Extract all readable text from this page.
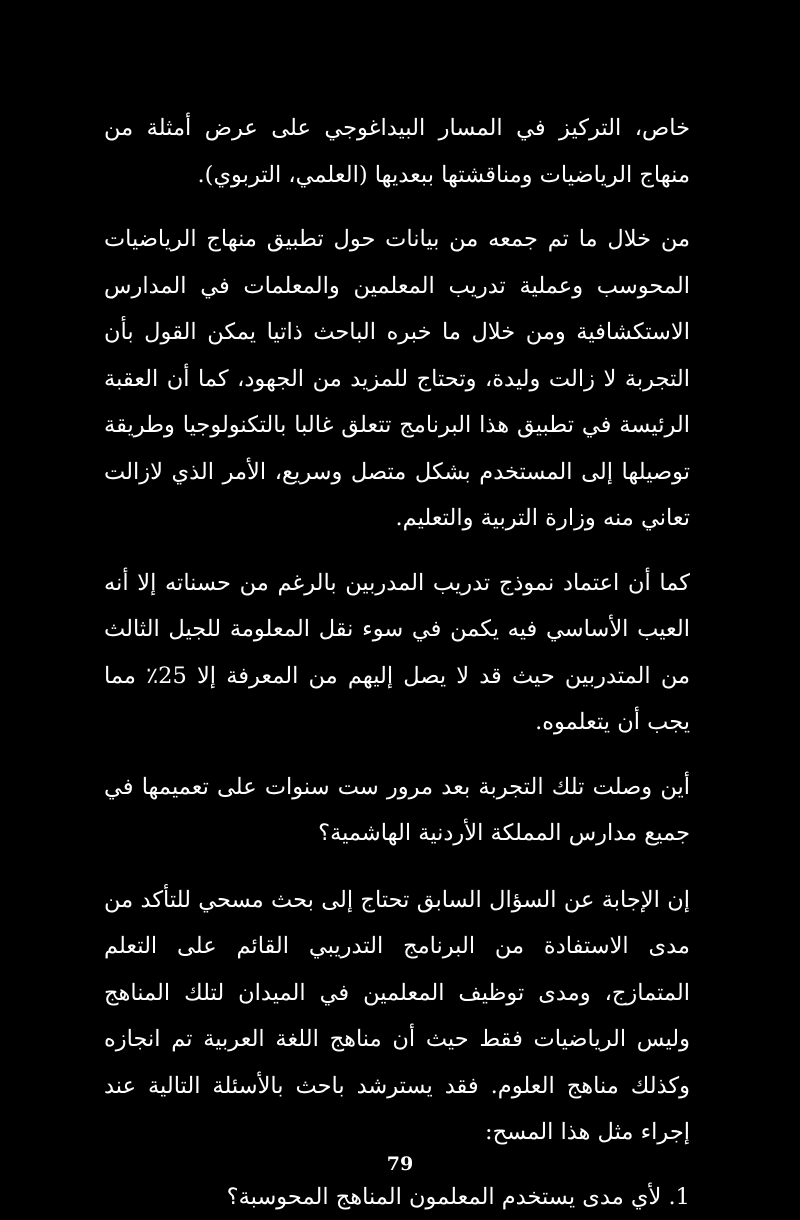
خاص، التركيز في المسار البيداغوجي على عرض أمثلة من منهاج الرياضيات ومناقشتها ببعديها (العلمي، التربوي).

من خلال ما تم جمعه من بيانات حول تطبيق منهاج الرياضيات المحوسب وعملية تدريب المعلمين والمعلمات في المدارس الاستكشافية ومن خلال ما خبره الباحث ذاتيا يمكن القول بأن التجربة لا زالت وليدة، وتحتاج للمزيد من الجهود، كما أن العقبة الرئيسة في تطبيق هذا البرنامج تتعلق غالبا بالتكنولوجيا وطريقة توصيلها إلى المستخدم بشكل متصل وسريع، الأمر الذي لازالت تعاني منه وزارة التربية والتعليم.

كما أن اعتماد نموذج تدريب المدربين بالرغم من حسناته إلا أنه العيب الأساسي فيه يكمن في سوء نقل المعلومة للجيل الثالث من المتدربين حيث قد لا يصل إليهم من المعرفة إلا 25٪ مما يجب أن يتعلموه.

أين وصلت تلك التجربة بعد مرور ست سنوات على تعميمها في جميع مدارس المملكة الأردنية الهاشمية؟

إن الإجابة عن السؤال السابق تحتاج إلى بحث مسحي للتأكد من مدى الاستفادة من البرنامج التدريبي القائم على التعلم المتمازج، ومدى توظيف المعلمين في الميدان لتلك المناهج وليس الرياضيات فقط حيث أن مناهج اللغة العربية تم انجازه وكذلك مناهج العلوم. فقد يسترشد باحث بالأسئلة التالية عند إجراء مثل هذا المسح:

1. لأي مدى يستخدم المعلمون المناهج المحوسبة؟

79
